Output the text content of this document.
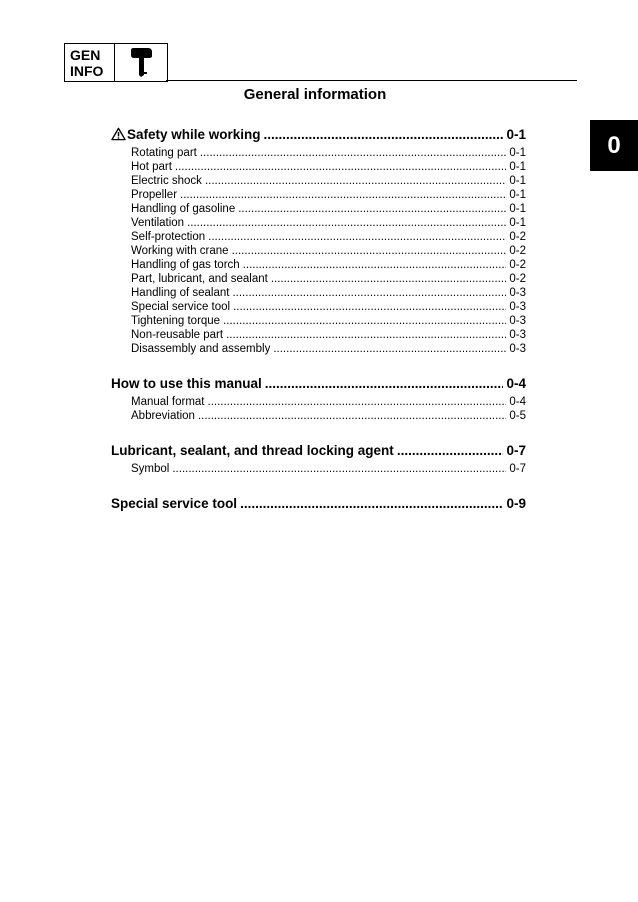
GEN
INFO
General information
0
Safety while working .....	0-1
Rotating part .....	0-1
Hot part .....	0-1
Electric shock .....	0-1
Propeller .....	0-1
Handling of gasoline .....	0-1
Ventilation .....	0-1
Self-protection .....	0-2
Working with crane .....	0-2
Handling of gas torch .....	0-2
Part, lubricant, and sealant .....	0-2
Handling of sealant .....	0-3
Special service tool .....	0-3
Tightening torque .....	0-3
Non-reusable part .....	0-3
Disassembly and assembly .....	0-3
How to use this manual .....	0-4
Manual format .....	0-4
Abbreviation .....	0-5
Lubricant, sealant, and thread locking agent .....	0-7
Symbol .....	0-7
Special service tool .....	0-9
